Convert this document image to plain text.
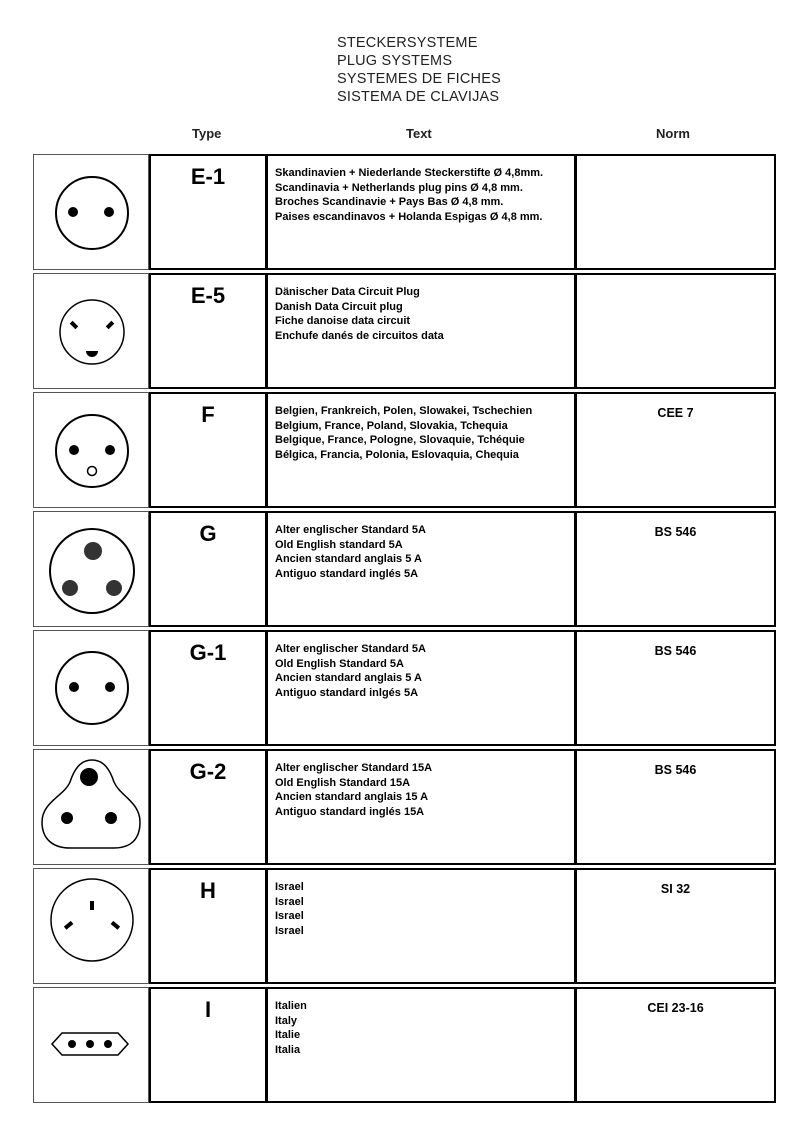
STECKERSYSTEME
PLUG SYSTEMS
SYSTEMES DE FICHES
SISTEMA DE CLAVIJAS
Type	Text	Norm
E-1	Skandinavien + Niederlande Steckerstifte Ø 4,8mm.
Scandinavia + Netherlands plug pins Ø 4,8 mm.
Broches Scandinavie + Pays Bas Ø 4,8 mm.
Paises escandinavos + Holanda Espigas Ø 4,8 mm.
E-5	Dänischer Data Circuit Plug
Danish Data Circuit plug
Fiche danoise data circuit
Enchufe danés de circuitos data
F	Belgien, Frankreich, Polen, Slowakei, Tschechien
Belgium, France, Poland, Slovakia, Tchequia
Belgique, France, Pologne, Slovaquie, Tchéquie
Bélgica, Francia, Polonia, Eslovaquia, Chequia
CEE 7
G	Alter englischer Standard 5A
Old English standard 5A
Ancien standard anglais 5 A
Antiguo standard inglés 5A
BS 546
G-1	Alter englischer Standard 5A
Old English Standard 5A
Ancien standard anglais 5 A
Antiguo standard inlgés 5A
BS 546
G-2	Alter englischer Standard 15A
Old English Standard 15A
Ancien standard anglais 15 A
Antiguo standard inglés 15A
BS 546
H	Israel
Israel
Israel
Israel
SI 32
I	Italien
Italy
Italie
Italia
CEI 23-16
